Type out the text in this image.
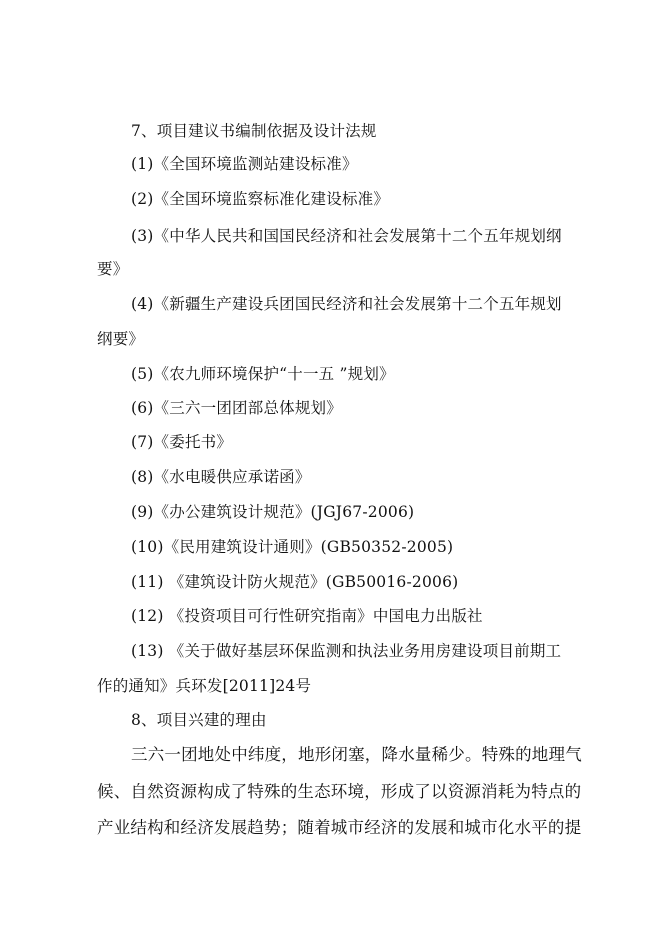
7、项目建议书编制依据及设计法规
(1)《全国环境监测站建设标准》
(2)《全国环境监察标准化建设标准》
(3)《中华人民共和国国民经济和社会发展第十二个五年规划纲
要》
(4)《新疆生产建设兵团国民经济和社会发展第十二个五年规划
纲要》
(5)《农九师环境保护“十一五 ”规划》
(6)《三六一团团部总体规划》
(7)《委托书》
(8)《水电暖供应承诺函》
(9)《办公建筑设计规范》(JGJ67-2006)
(10)《民用建筑设计通则》(GB50352-2005)
(11) 《建筑设计防火规范》(GB50016-2006)
(12) 《投资项目可行性研究指南》中国电力出版社
(13) 《关于做好基层环保监测和执法业务用房建设项目前期工
作的通知》兵环发[2011]24号
8、项目兴建的理由
三六一团地处中纬度，地形闭塞，降水量稀少。特殊的地理气
候、自然资源构成了特殊的生态环境，形成了以资源消耗为特点的
产业结构和经济发展趋势；随着城市经济的发展和城市化水平的提
